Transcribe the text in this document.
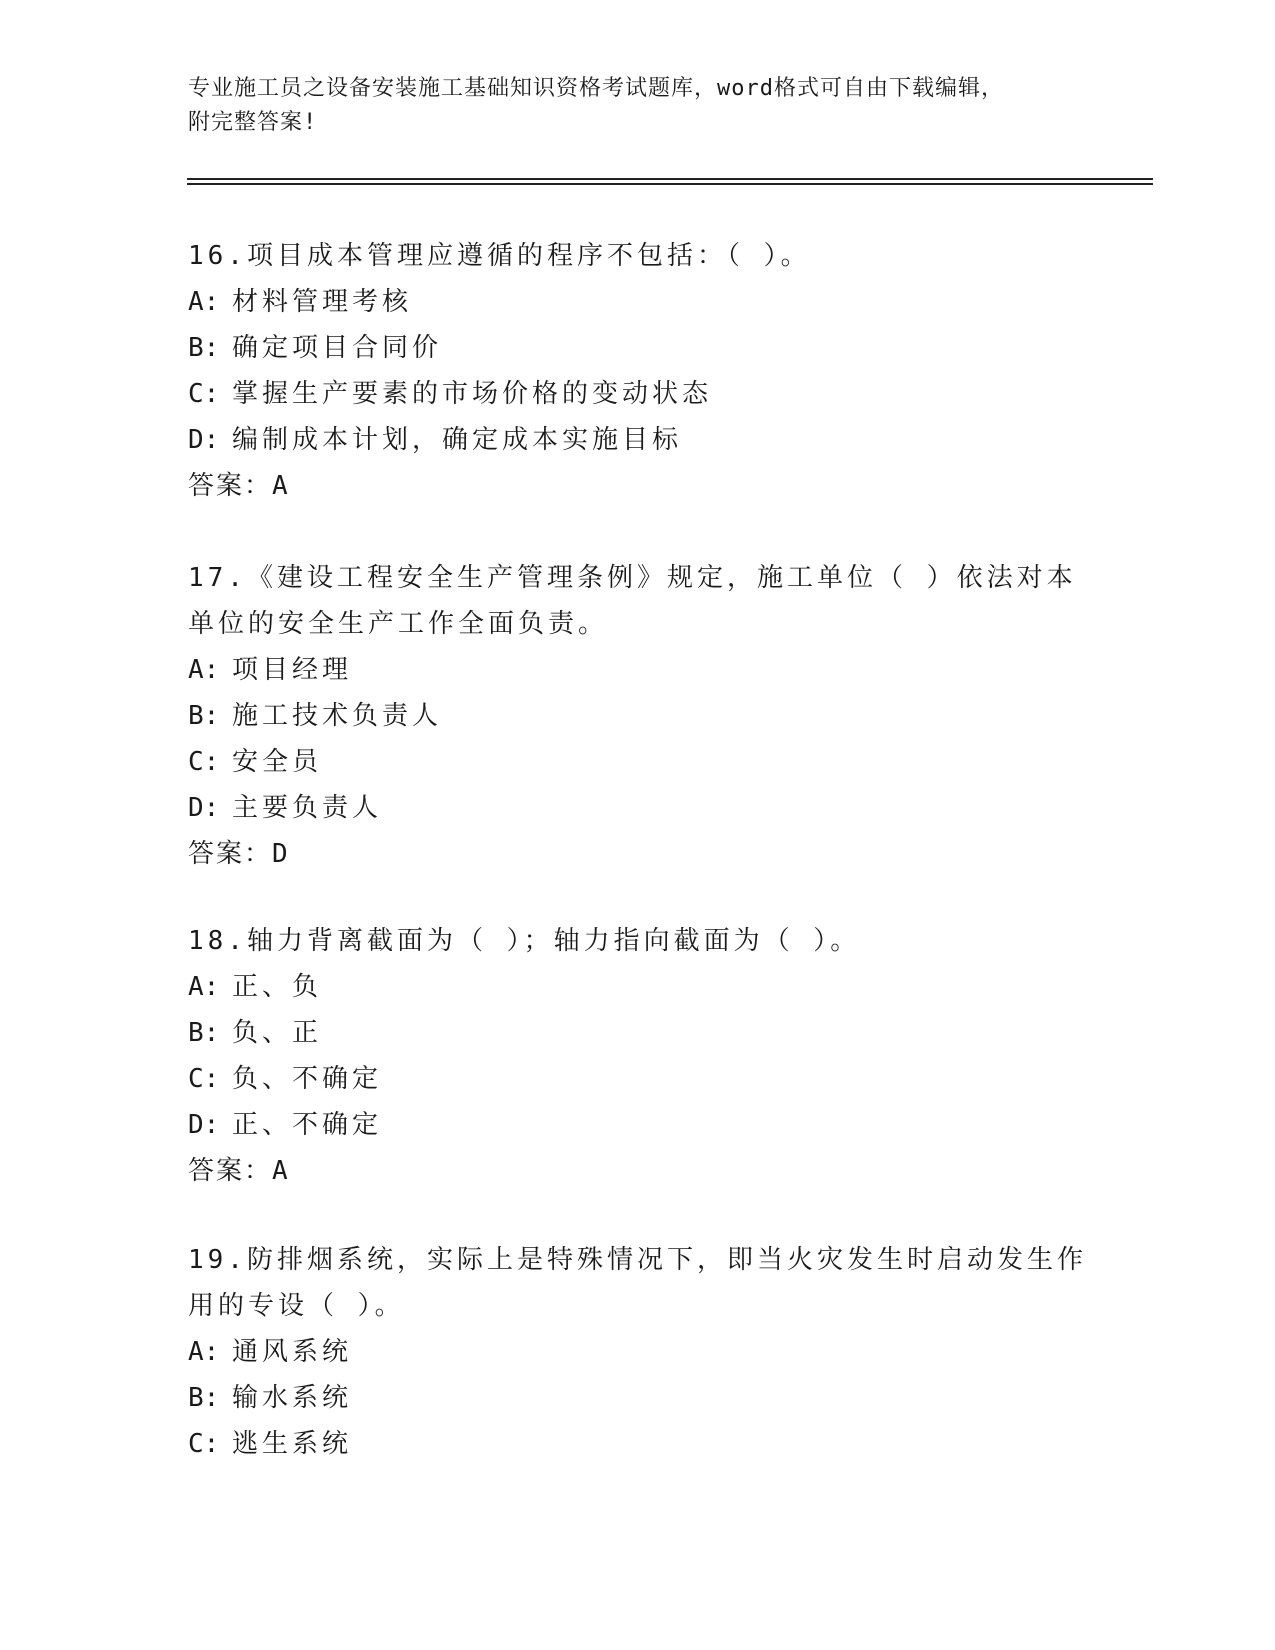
专业施工员之设备安装施工基础知识资格考试题库，word格式可自由下载编辑，
附完整答案!
16.项目成本管理应遵循的程序不包括：（ ）。
A: 材料管理考核
B: 确定项目合同价
C: 掌握生产要素的市场价格的变动状态
D: 编制成本计划，确定成本实施目标
答案：A
17.《建设工程安全生产管理条例》规定，施工单位（ ）依法对本单位的安全生产工作全面负责。
A: 项目经理
B: 施工技术负责人
C: 安全员
D: 主要负责人
答案：D
18.轴力背离截面为（ ）；轴力指向截面为（ ）。
A: 正、负
B: 负、正
C: 负、不确定
D: 正、不确定
答案：A
19.防排烟系统，实际上是特殊情况下，即当火灾发生时启动发生作用的专设（ ）。
A: 通风系统
B: 输水系统
C: 逃生系统
